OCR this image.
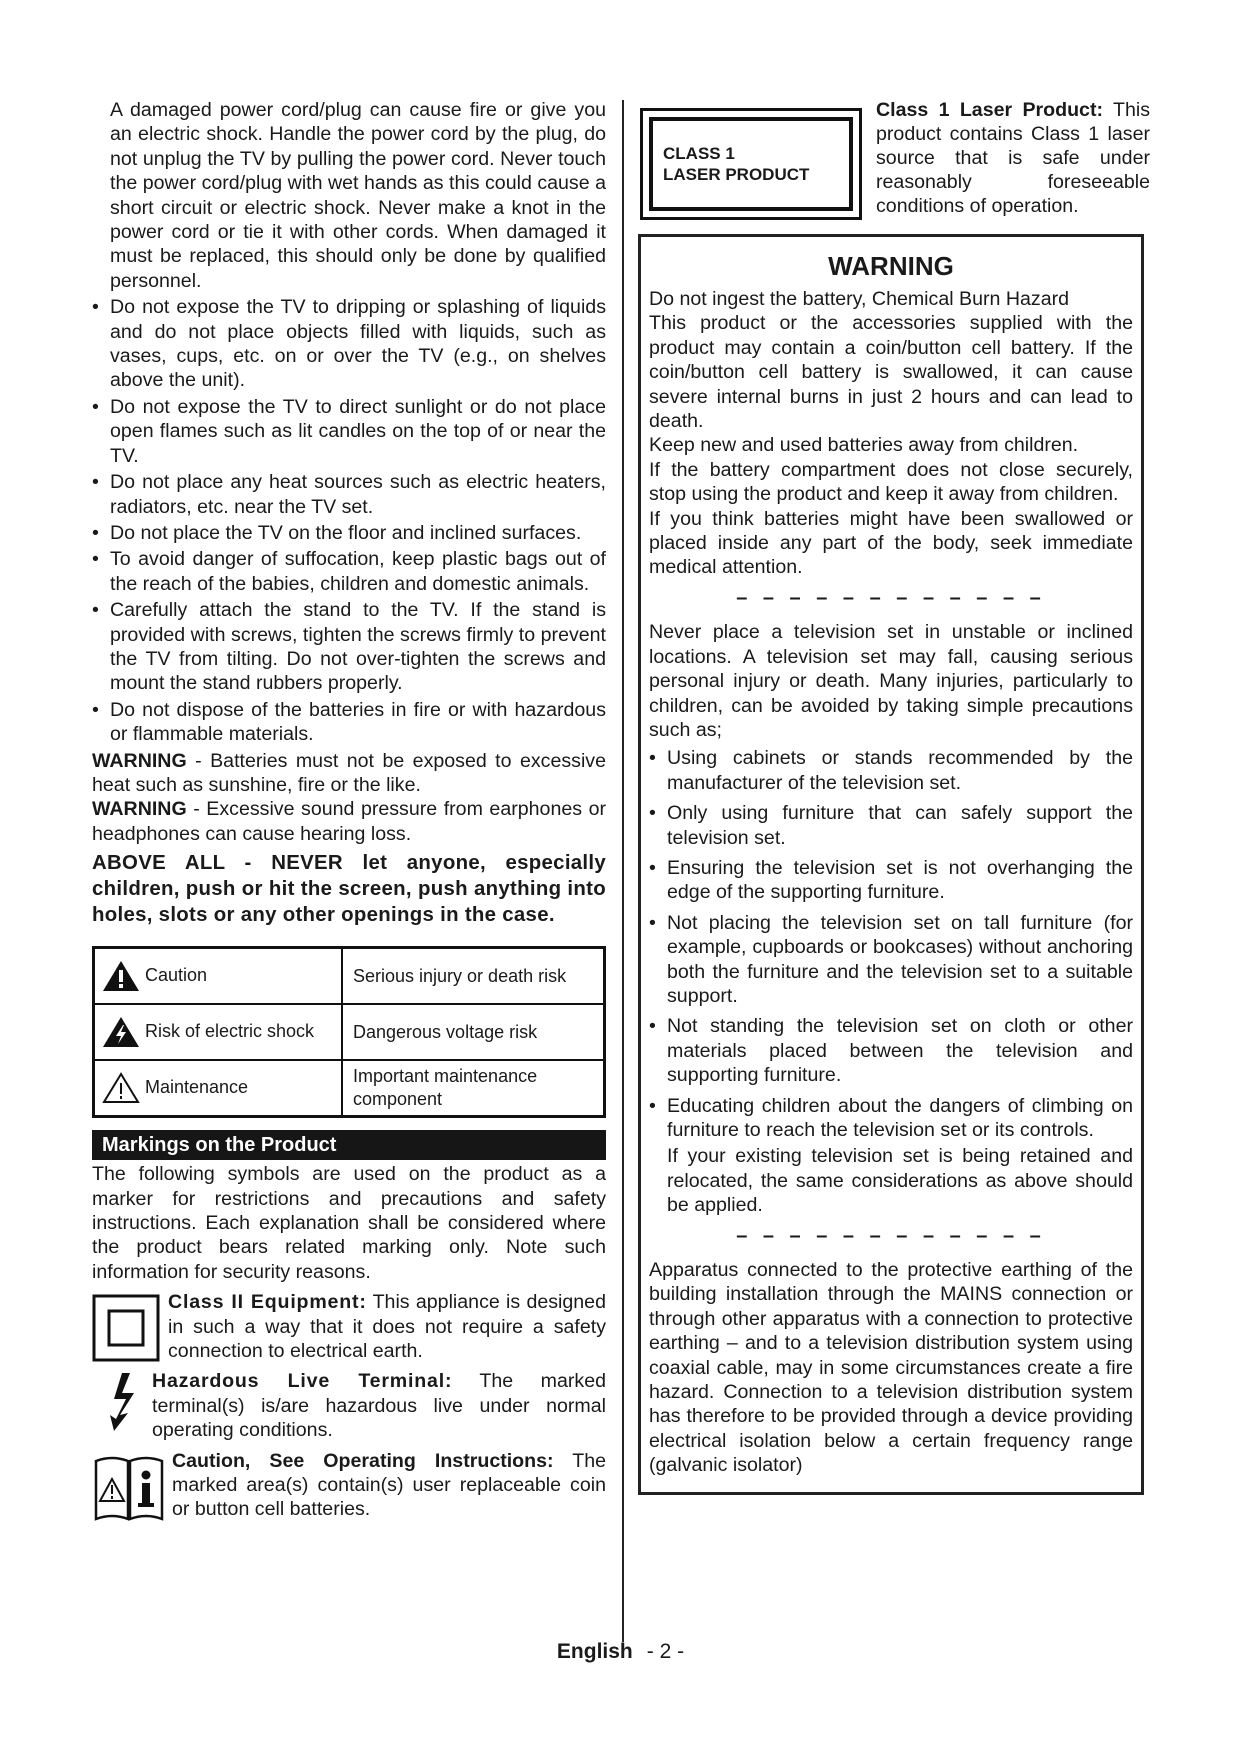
A damaged power cord/plug can cause fire or give you an electric shock. Handle the power cord by the plug, do not unplug the TV by pulling the power cord. Never touch the power cord/plug with wet hands as this could cause a short circuit or electric shock. Never make a knot in the power cord or tie it with other cords. When damaged it must be replaced, this should only be done by qualified personnel.

• Do not expose the TV to dripping or splashing of liquids and do not place objects filled with liquids, such as vases, cups, etc. on or over the TV (e.g., on shelves above the unit).
• Do not expose the TV to direct sunlight or do not place open flames such as lit candles on the top of or near the TV.
• Do not place any heat sources such as electric heaters, radiators, etc. near the TV set.
• Do not place the TV on the floor and inclined surfaces.
• To avoid danger of suffocation, keep plastic bags out of the reach of the babies, children and domestic animals.
• Carefully attach the stand to the TV. If the stand is provided with screws, tighten the screws firmly to prevent the TV from tilting. Do not over-tighten the screws and mount the stand rubbers properly.
• Do not dispose of the batteries in fire or with hazardous or flammable materials.

WARNING - Batteries must not be exposed to excessive heat such as sunshine, fire or the like.

WARNING - Excessive sound pressure from earphones or headphones can cause hearing loss.

ABOVE ALL - NEVER let anyone, especially children, push or hit the screen, push anything into holes, slots or any other openings in the case.

Caution	Serious injury or death risk
Risk of electric shock	Dangerous voltage risk
Maintenance	Important maintenance component
Markings on the Product

The following symbols are used on the product as a marker for restrictions and precautions and safety instructions. Each explanation shall be considered where the product bears related marking only. Note such information for security reasons.

Class II Equipment: This appliance is designed in such a way that it does not require a safety connection to electrical earth.

Hazardous Live Terminal: The marked terminal(s) is/are hazardous live under normal operating conditions.

Caution, See Operating Instructions: The marked area(s) contain(s) user replaceable coin or button cell batteries.

CLASS 1
LASER PRODUCT

Class 1 Laser Product: This product contains Class 1 laser source that is safe under reasonably foreseeable conditions of operation.

WARNING

Do not ingest the battery, Chemical Burn Hazard

This product or the accessories supplied with the product may contain a coin/button cell battery. If the coin/button cell battery is swallowed, it can cause severe internal burns in just 2 hours and can lead to death.

Keep new and used batteries away from children.

If the battery compartment does not close securely, stop using the product and keep it away from children.

If you think batteries might have been swallowed or placed inside any part of the body, seek immediate medical attention.

– – – – – – – – – – – –

Never place a television set in unstable or inclined locations. A television set may fall, causing serious personal injury or death. Many injuries, particularly to children, can be avoided by taking simple precautions such as;

• Using cabinets or stands recommended by the manufacturer of the television set.
• Only using furniture that can safely support the television set.
• Ensuring the television set is not overhanging the edge of the supporting furniture.
• Not placing the television set on tall furniture (for example, cupboards or bookcases) without anchoring both the furniture and the television set to a suitable support.
• Not standing the television set on cloth or other materials placed between the television and supporting furniture.
• Educating children about the dangers of climbing on furniture to reach the television set or its controls.

If your existing television set is being retained and relocated, the same considerations as above should be applied.

– – – – – – – – – – – –

Apparatus connected to the protective earthing of the building installation through the MAINS connection or through other apparatus with a connection to protective earthing – and to a television distribution system using coaxial cable, may in some circumstances create a fire hazard. Connection to a television distribution system has therefore to be provided through a device providing electrical isolation below a certain frequency range (galvanic isolator)

English - 2 -
